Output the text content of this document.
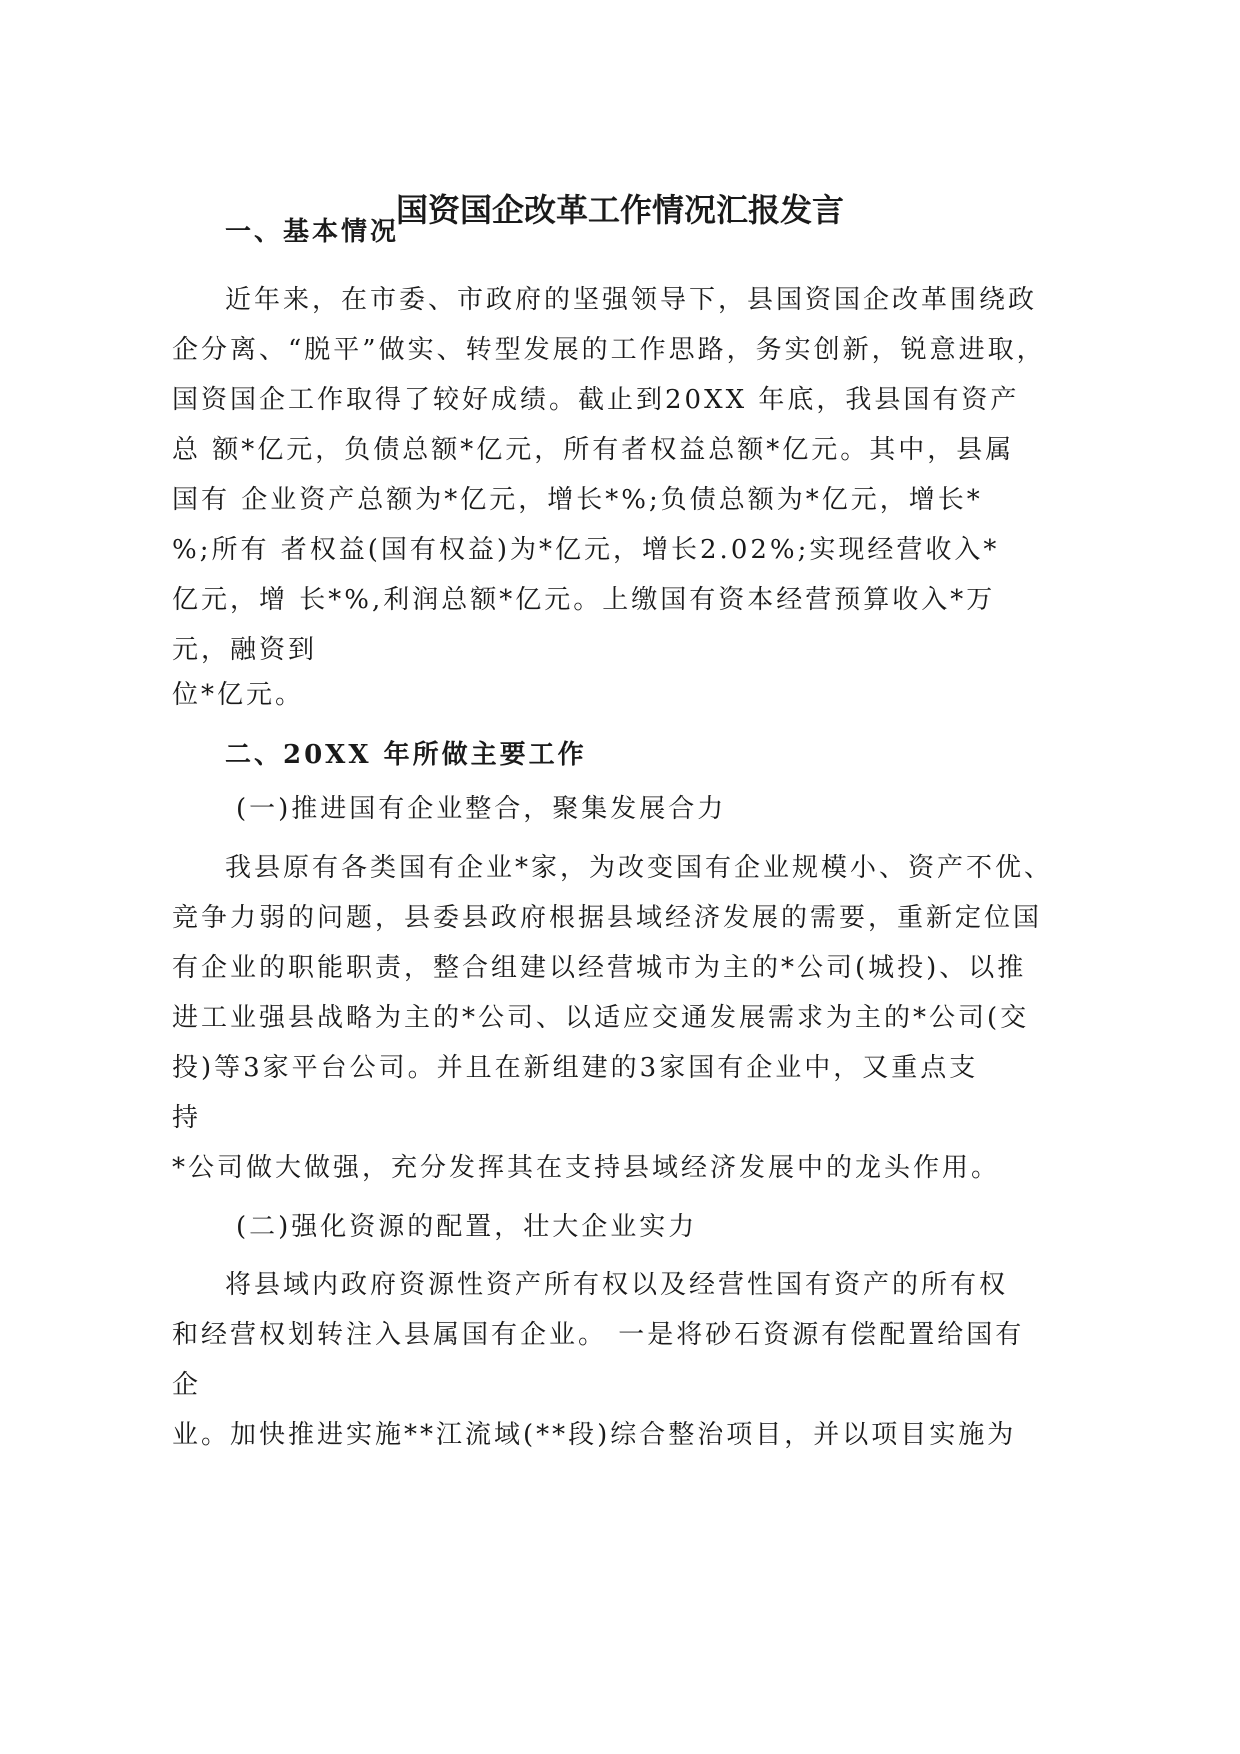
国资国企改革工作情况汇报发言
一、基本情况
近年来，在市委、市政府的坚强领导下，县国资国企改革围绕政
企分离、“脱平”做实、转型发展的工作思路，务实创新，锐意进取，
国资国企工作取得了较好成绩。截止到20XX 年底，我县国有资产
总 额*亿元，负债总额*亿元，所有者权益总额*亿元。其中，县属
国有 企业资产总额为*亿元，增长*%;负债总额为*亿元，增长*
%;所有 者权益(国有权益)为*亿元，增长2.02%;实现经营收入*
亿元，增 长*%,利润总额*亿元。上缴国有资本经营预算收入*万
元，融资到
位*亿元。
二、20XX 年所做主要工作
(一)推进国有企业整合，聚集发展合力
我县原有各类国有企业*家，为改变国有企业规模小、资产不优、
竞争力弱的问题，县委县政府根据县域经济发展的需要，重新定位国
有企业的职能职责，整合组建以经营城市为主的*公司(城投)、以推
进工业强县战略为主的*公司、以适应交通发展需求为主的*公司(交
投)等3家平台公司。并且在新组建的3家国有企业中，又重点支
持
*公司做大做强，充分发挥其在支持县域经济发展中的龙头作用。
(二)强化资源的配置，壮大企业实力
将县域内政府资源性资产所有权以及经营性国有资产的所有权
和经营权划转注入县属国有企业。 一是将砂石资源有偿配置给国有
企
业。加快推进实施**江流域(**段)综合整治项目，并以项目实施为
